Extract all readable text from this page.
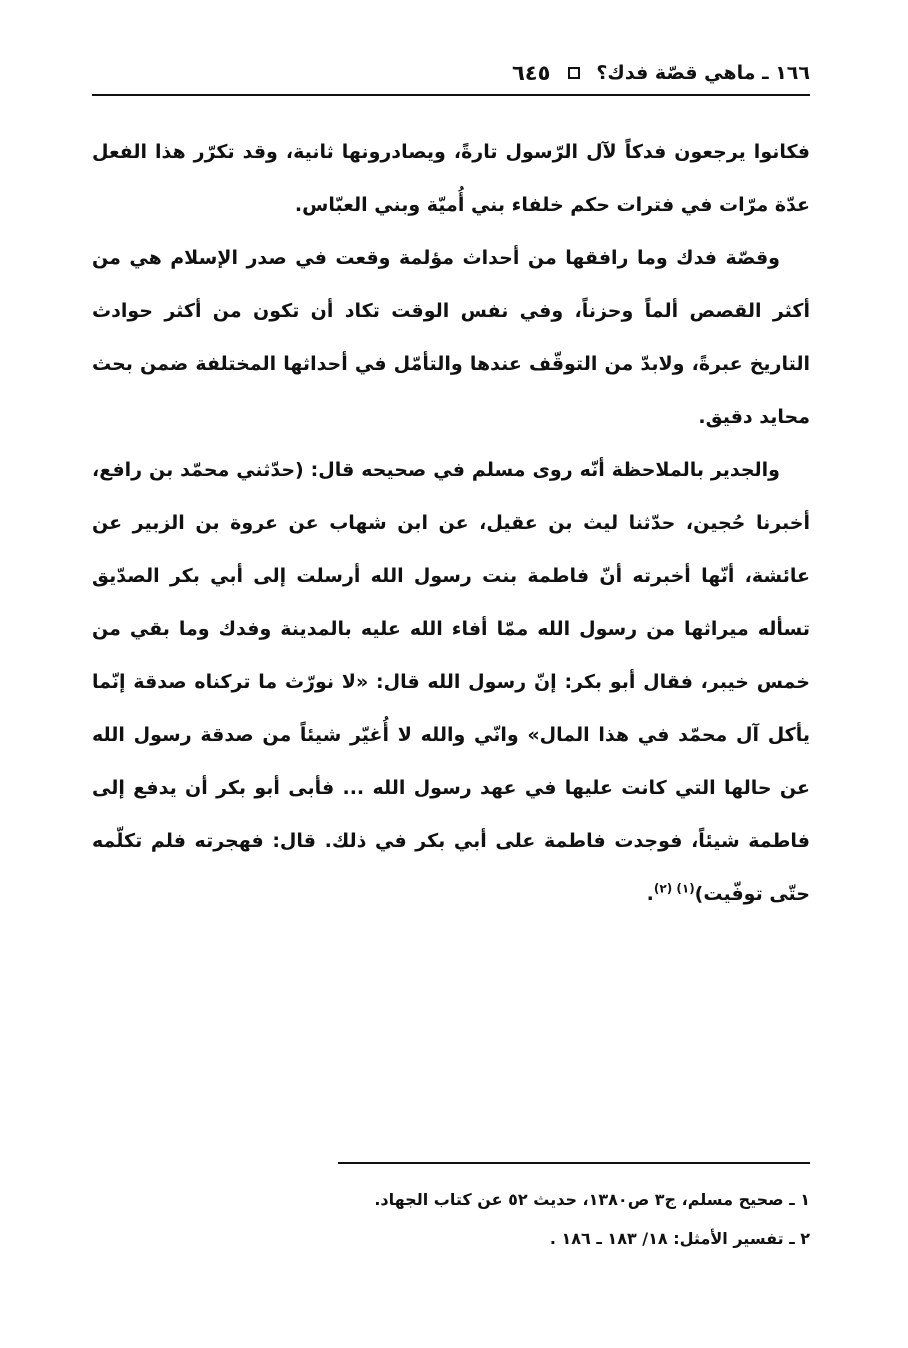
١٦٦ ـ ماهي قصّة فدك؟
٦٤٥

فكانوا يرجعون فدكاً لآل الرّسول تارةً، ويصادرونها ثانية، وقد تكرّر هذا الفعل عدّة مرّات في فترات حكم خلفاء بني أُميّة وبني العبّاس.

وقصّة فدك وما رافقها من أحداث مؤلمة وقعت في صدر الإسلام هي من أكثر القصص ألماً وحزناً، وفي نفس الوقت تكاد أن تكون من أكثر حوادث التاريخ عبرةً، ولابدّ من التوقّف عندها والتأمّل في أحداثها المختلفة ضمن بحث محايد دقيق.

والجدير بالملاحظة أنّه روى مسلم في صحيحه قال: (حدّثني محمّد بن رافع، أخبرنا حُجين، حدّثنا ليث بن عقيل، عن ابن شهاب عن عروة بن الزبير عن عائشة، أنّها أخبرته أنّ فاطمة بنت رسول الله أرسلت إلى أبي بكر الصدّيق تسأله ميراثها من رسول الله ممّا أفاء الله عليه بالمدينة وفدك وما بقي من خمس خيبر، فقال أبو بكر: إنّ رسول الله قال: «لا نورّث ما تركناه صدقة إنّما يأكل آل محمّد في هذا المال» وانّي والله لا أُغيّر شيئاً من صدقة رسول الله عن حالها التي كانت عليها في عهد رسول الله ... فأبى أبو بكر أن يدفع إلى فاطمة شيئاً، فوجدت فاطمة على أبي بكر في ذلك. قال: فهجرته فلم تكلّمه حتّى توفّيت)$^{(١) (٢)}$.

١ ـ صحيح مسلم، ج٣ ص١٣٨٠، حديث ٥٢ عن كتاب الجهاد.
٢ ـ تفسير الأمثل: ١٨/ ١٨٣ ـ ١٨٦ .
